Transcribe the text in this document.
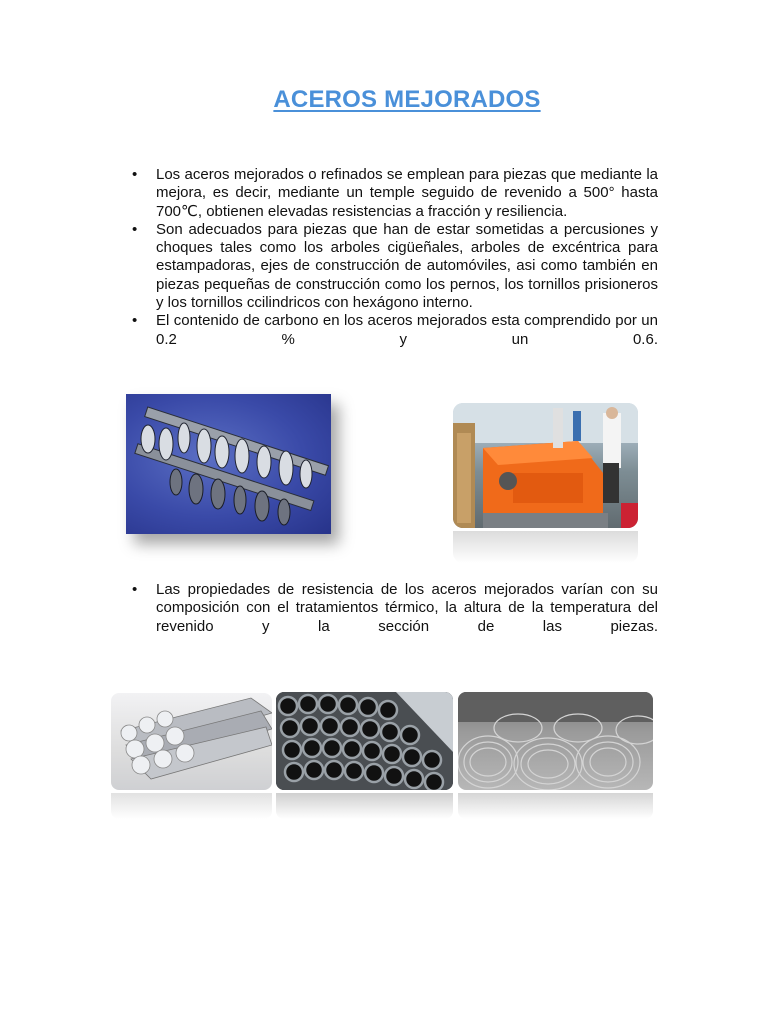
ACEROS MEJORADOS
• Los aceros mejorados o refinados se emplean para piezas que mediante la mejora, es decir, mediante un temple seguido de revenido a 500° hasta 700℃, obtienen elevadas resistencias a fracción y resiliencia.
• Son adecuados para piezas que han de estar sometidas a percusiones y choques tales como los arboles cigüeñales, arboles de excéntrica para estampadoras, ejes de construcción de automóviles, asi como también en piezas pequeñas de construcción como los pernos, los tornillos prisioneros y los tornillos ccilindricos con hexágono interno.
• El contenido de carbono en los aceros mejorados esta comprendido por un 0.2 % y un 0.6.
• Las propiedades de resistencia de los aceros mejorados varían con su composición con el tratamientos térmico, la altura de la temperatura del revenido y la sección de las piezas.
